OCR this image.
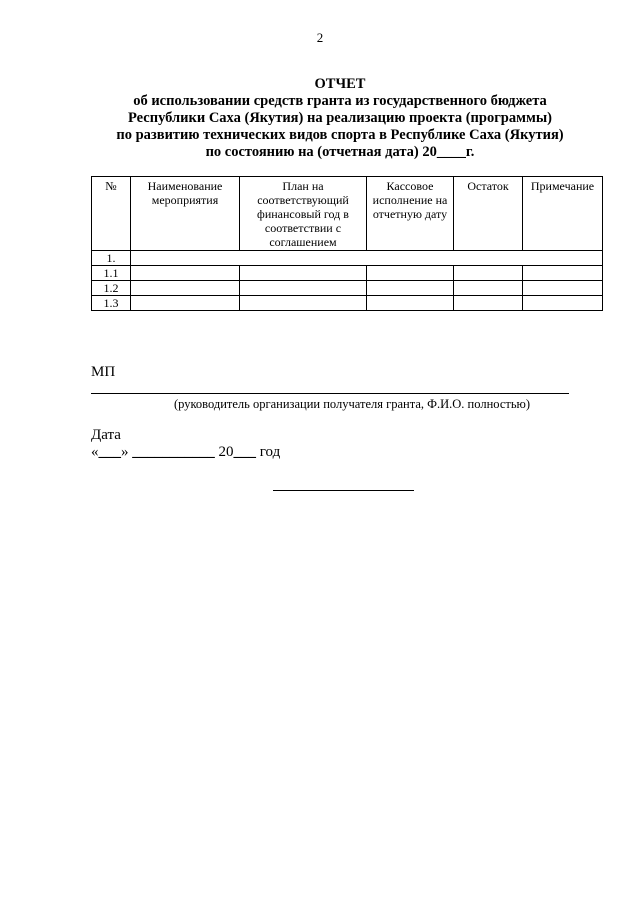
2
ОТЧЕТ
об использовании средств гранта из государственного бюджета
Республики Саха (Якутия) на реализацию проекта (программы)
по развитию технических видов спорта в Республике Саха (Якутия)
по состоянию на (отчетная дата) 20____г.
№	Наименование мероприятия	План на соответствующий финансовый год в соответствии с соглашением	Кассовое исполнение на отчетную дату	Остаток	Примечание
1.					
1.1					
1.2					
1.3					
МП
(руководитель организации получателя гранта, Ф.И.О. полностью)
Дата
«___» ___________ 20___ год
